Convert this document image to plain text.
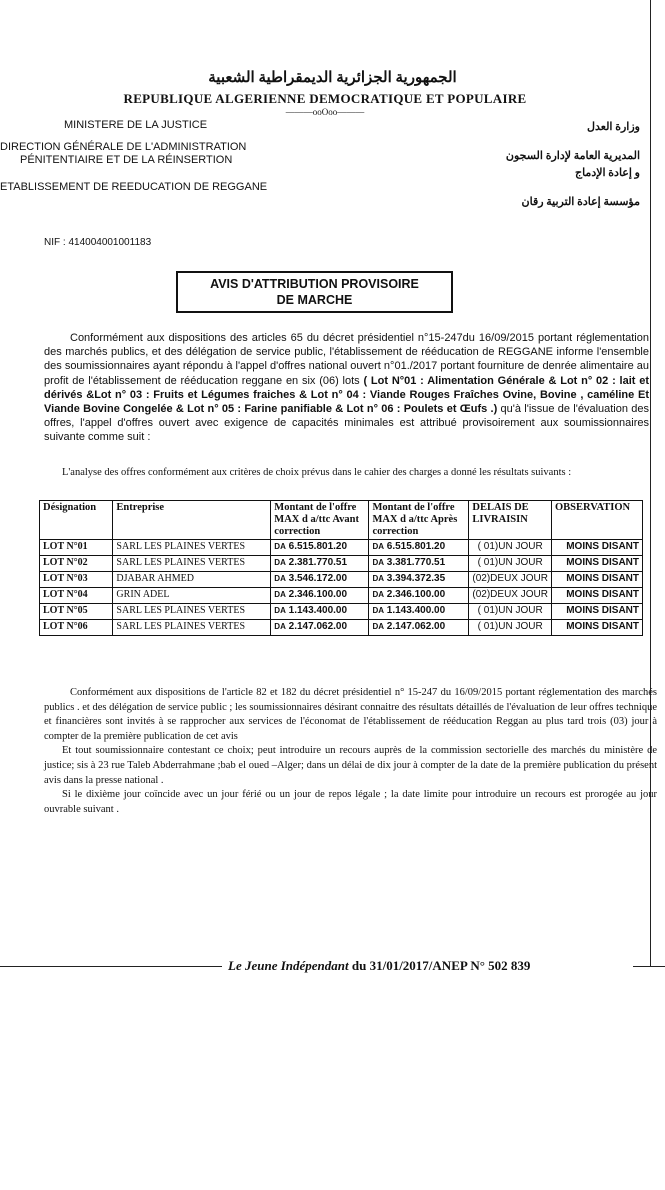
الجمهورية الجزائرية الديمقراطية الشعبية
REPUBLIQUE ALGERIENNE DEMOCRATIQUE ET POPULAIRE
———ooOoo———
MINISTERE DE LA JUSTICE
DIRECTION GÉNÉRALE DE L'ADMINISTRATION
PÉNITENTIAIRE ET DE LA RÉINSERTION
ETABLISSEMENT DE REEDUCATION DE REGGANE
وزارة العدل
المديرية العامة لإدارة السجون
و إعادة الإدماج
مؤسسة إعادة التربية رقان
NIF : 414004001001183
AVIS D'ATTRIBUTION PROVISOIRE
DE MARCHE
Conformément aux dispositions des articles 65 du décret présidentiel n°15-247du 16/09/2015 portant réglementation des marchés publics, et des délégation de service public, l'établissement de rééducation de REGGANE informe l'ensemble des soumissionnaires ayant répondu à l'appel d'offres national ouvert n°01./2017 portant fourniture de denrée alimentaire au profit de l'établissement de rééducation reggane en six (06) lots ( Lot N°01 : Alimentation Générale & Lot n° 02 : lait et dérivés &Lot n° 03 : Fruits et Légumes fraiches & Lot n° 04 : Viande Rouges Fraîches Ovine, Bovine , caméline Et Viande Bovine Congelée & Lot n° 05 : Farine panifiable & Lot n° 06 : Poulets et Œufs .) qu'à l'issue de l'évaluation des offres, l'appel d'offres ouvert avec exigence de capacités minimales est attribué provisoirement aux soumissionnaires suivante comme suit :
L'analyse des offres conformément aux critères de choix prévus dans le cahier des charges a donné les résultats suivants :
Désignation	Entreprise	Montant de l'offre MAX d a/ttc Avant correction	Montant de l'offre MAX d a/ttc Après correction	DELAIS DE LIVRAISIN	OBSERVATION
LOT N°01	SARL LES PLAINES VERTES	DA 6.515.801.20	DA 6.515.801.20	( 01)UN JOUR	MOINS DISANT
LOT N°02	SARL LES PLAINES VERTES	DA 2.381.770.51	DA 3.381.770.51	( 01)UN JOUR	MOINS DISANT
LOT N°03	DJABAR AHMED	DA 3.546.172.00	DA 3.394.372.35	(02)DEUX JOUR	MOINS DISANT
LOT N°04	GRIN ADEL	DA 2.346.100.00	DA 2.346.100.00	(02)DEUX JOUR	MOINS DISANT
LOT N°05	SARL LES PLAINES VERTES	DA 1.143.400.00	DA 1.143.400.00	( 01)UN JOUR	MOINS DISANT
LOT N°06	SARL LES PLAINES VERTES	DA 2.147.062.00	DA 2.147.062.00	( 01)UN JOUR	MOINS DISANT

Conformément aux dispositions de l'article 82 et 182 du décret présidentiel n° 15-247 du 16/09/2015 portant réglementation des marchés publics . et des délégation de service public ; les soumissionnaires désirant connaitre des résultats détaillés de l'évaluation de leur offres technique et financières sont invités à se rapprocher aux services de l'économat de l'établissement de rééducation Reggan au plus tard trois (03) jour à compter de la première publication de cet avis

Et tout soumissionnaire contestant ce choix; peut introduire un recours auprès de la commission sectorielle des marchés du ministère de justice; sis à 23 rue Taleb Abderrahmane ;bab el oued –Alger; dans un délai de dix jour à compter de la date de la première publication du présent avis dans la presse national .

Si le dixième jour coïncide avec un jour férié ou un jour de repos légale ; la date limite pour introduire un recours est prorogée au jour ouvrable suivant .

Le Jeune Indépendant du 31/01/2017/ANEP N° 502 839
